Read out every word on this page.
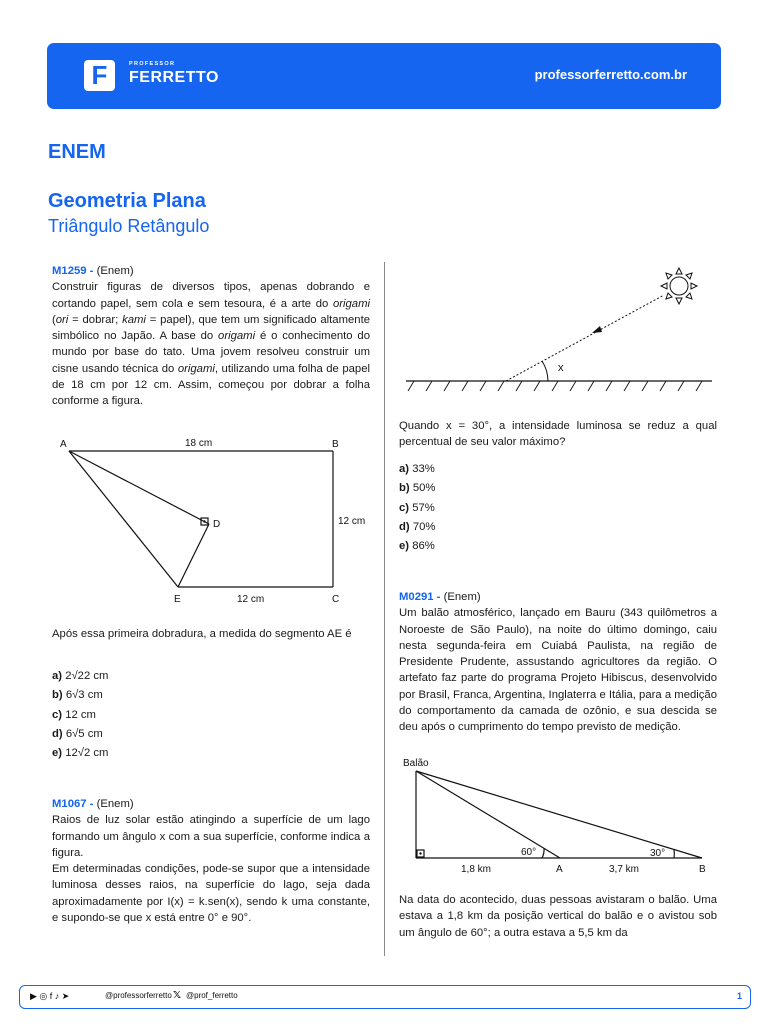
F	PROFESSOR
FERRETTO	professorferretto.com.br
ENEM
Geometria Plana
Triângulo Retângulo

M1259 - (Enem)

Construir figuras de diversos tipos, apenas dobrando e cortando papel, sem cola e sem tesoura, é a arte do origami (ori = dobrar; kami = papel), que tem um significado altamente simbólico no Japão. A base do origami é o conhecimento do mundo por base do tato. Uma jovem resolveu construir um cisne usando técnica do origami, utilizando uma folha de papel de 18 cm por 12 cm. Assim, começou por dobrar a folha conforme a figura.

A	B
C
D
E
18 cm
12 cm
12 cm

Após essa primeira dobradura, a medida do segmento AE é

a) 2√22 cm

b) 6√3 cm

c) 12 cm

d) 6√5 cm

e) 12√2 cm

M1067 - (Enem)

Raios de luz solar estão atingindo a superfície de um lago formando um ângulo x com a sua superfície, conforme indica a figura.

Em determinadas condições, pode-se supor que a intensidade luminosa desses raios, na superfície do lago, seja dada aproximadamente por I(x) = k.sen(x), sendo k uma constante, e supondo-se que x está entre 0° e 90°.

x

Quando x = 30°, a intensidade luminosa se reduz a qual percentual de seu valor máximo?

a) 33%

b) 50%

c) 57%

d) 70%

e) 86%

M0291 - (Enem)

Um balão atmosférico, lançado em Bauru (343 quilômetros a Noroeste de São Paulo), na noite do último domingo, caiu nesta segunda-feira em Cuiabá Paulista, na região de Presidente Prudente, assustando agricultores da região. O artefato faz parte do programa Projeto Hibiscus, desenvolvido por Brasil, Franca, Argentina, Inglaterra e Itália, para a medição do comportamento da camada de ozônio, e sua descida se deu após o cumprimento do tempo previsto de medição.

Balão
60°	30°
1,8 km	A	3,7 km	B

Na data do acontecido, duas pessoas avistaram o balão. Uma estava a 1,8 km da posição vertical do balão e o avistou sob um ângulo de 60°; a outra estava a 5,5 km da

▶ ◎ f ♪ ➤	@professorferretto 𝕏 @prof_ferretto	1
